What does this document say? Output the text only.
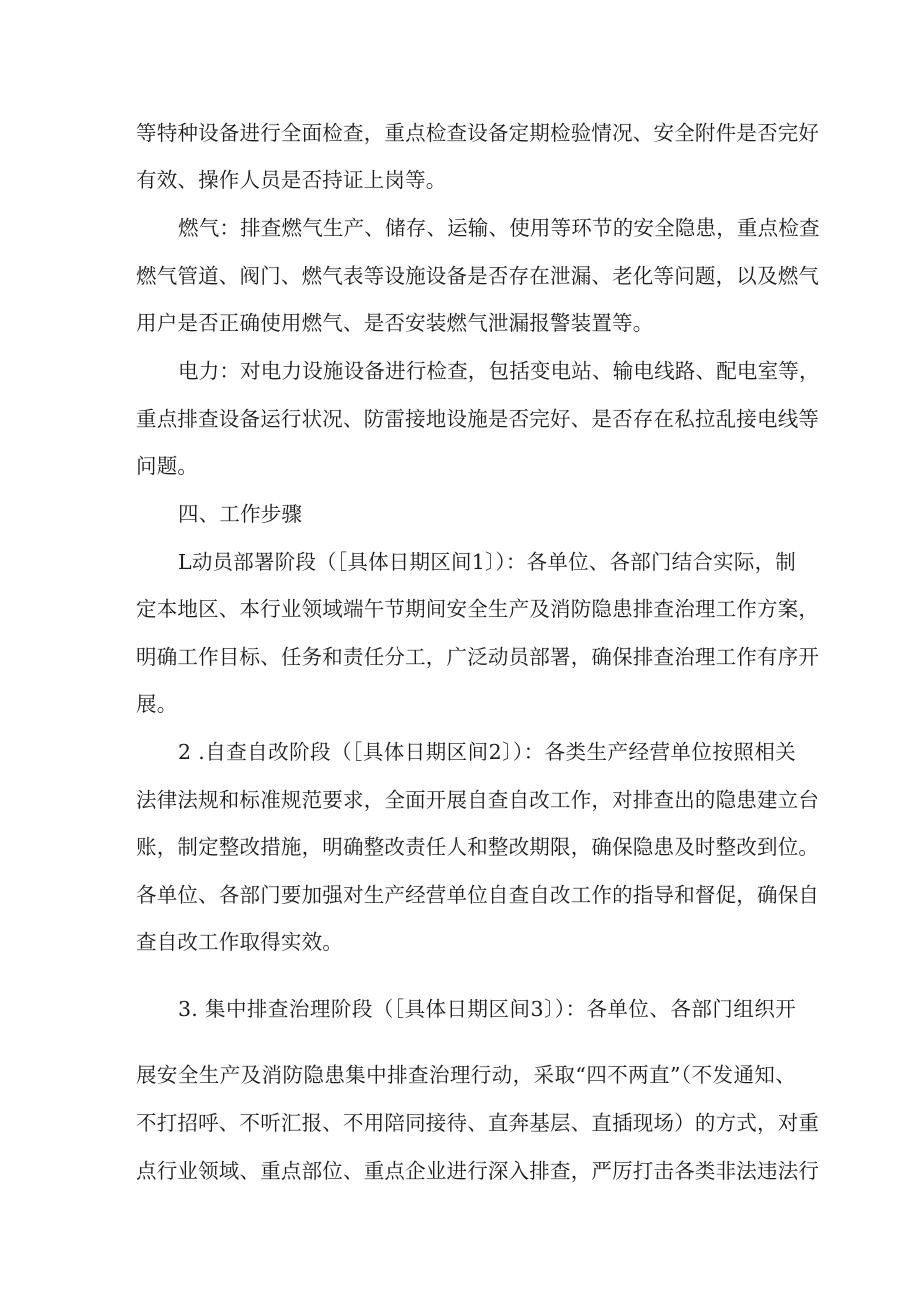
等特种设备进行全面检查，重点检查设备定期检验情况、安全附件是否完好
有效、操作人员是否持证上岗等。
燃气：排查燃气生产、储存、运输、使用等环节的安全隐患，重点检查
燃气管道、阀门、燃气表等设施设备是否存在泄漏、老化等问题，以及燃气
用户是否正确使用燃气、是否安装燃气泄漏报警装置等。
电力：对电力设施设备进行检查，包括变电站、输电线路、配电室等，
重点排查设备运行状况、防雷接地设施是否完好、是否存在私拉乱接电线等
问题。
四、工作步骤
L动员部署阶段（［具体日期区间1〕）：各单位、各部门结合实际，制
定本地区、本行业领域端午节期间安全生产及消防隐患排查治理工作方案，
明确工作目标、任务和责任分工，广泛动员部署，确保排查治理工作有序开
展。
2 .自查自改阶段（［具体日期区间2〕）：各类生产经营单位按照相关
法律法规和标准规范要求，全面开展自查自改工作，对排查出的隐患建立台
账，制定整改措施，明确整改责任人和整改期限，确保隐患及时整改到位。
各单位、各部门要加强对生产经营单位自查自改工作的指导和督促，确保自
查自改工作取得实效。
3. 集中排查治理阶段（［具体日期区间3〕）：各单位、各部门组织开
展安全生产及消防隐患集中排查治理行动，采取“四不两直”（不发通知、
不打招呼、不听汇报、不用陪同接待、直奔基层、直插现场）的方式，对重
点行业领域、重点部位、重点企业进行深入排查，严厉打击各类非法违法行
